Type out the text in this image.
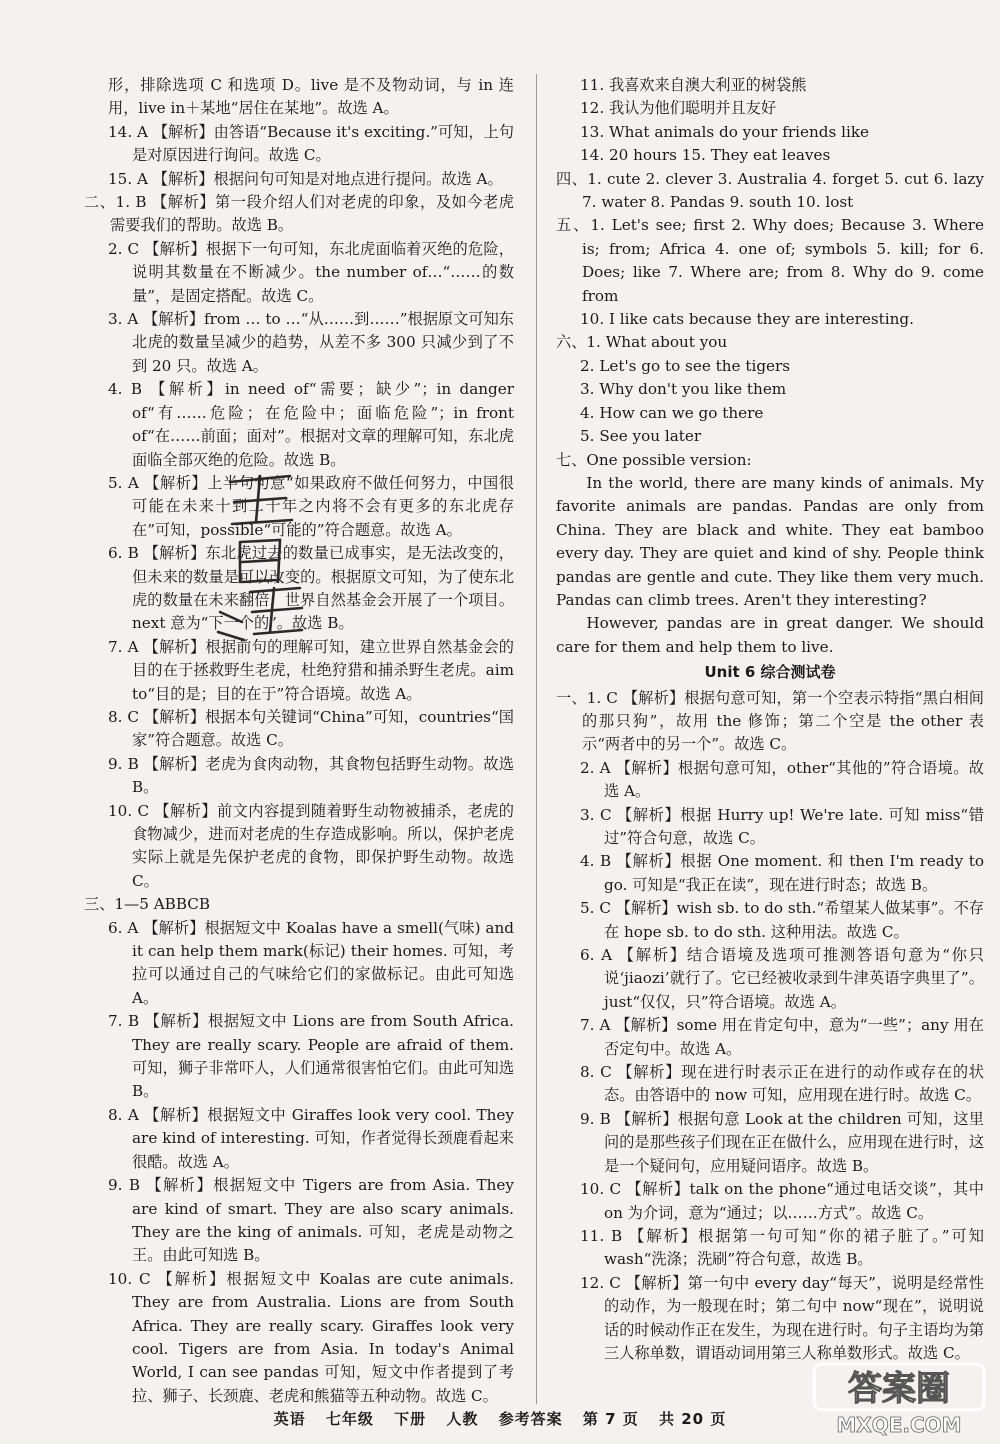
形，排除选项 C 和选项 D。live 是不及物动词，与 in 连用，live in＋某地“居住在某地”。故选 A。

14. A 【解析】由答语“Because it's exciting.”可知，上句是对原因进行询问。故选 C。

15. A 【解析】根据问句可知是对地点进行提问。故选 A。

二、1. B 【解析】第一段介绍人们对老虎的印象，及如今老虎需要我们的帮助。故选 B。

2. C 【解析】根据下一句可知，东北虎面临着灭绝的危险，说明其数量在不断减少。the number of…“……的数量”，是固定搭配。故选 C。

3. A 【解析】from … to …“从……到……”根据原文可知东北虎的数量呈减少的趋势，从差不多 300 只减少到了不到 20 只。故选 A。

4. B 【解析】in need of“需要；缺少”；in danger of“有……危险；在危险中；面临危险”；in front of“在……前面；面对”。根据对文章的理解可知，东北虎面临全部灭绝的危险。故选 B。

5. A 【解析】上半句句意“如果政府不做任何努力，中国很可能在未来十到二十年之内将不会有更多的东北虎存在”可知，possible“可能的”符合题意。故选 A。

6. B 【解析】东北虎过去的数量已成事实，是无法改变的，但未来的数量是可以改变的。根据原文可知，为了使东北虎的数量在未来翻倍，世界自然基金会开展了一个项目。next 意为“下一个的”。故选 B。

7. A 【解析】根据前句的理解可知，建立世界自然基金会的目的在于拯救野生老虎，杜绝狩猎和捕杀野生老虎。aim to“目的是；目的在于”符合语境。故选 A。

8. C 【解析】根据本句关键词“China”可知，countries“国家”符合题意。故选 C。

9. B 【解析】老虎为食肉动物，其食物包括野生动物。故选 B。

10. C 【解析】前文内容提到随着野生动物被捕杀，老虎的食物减少，进而对老虎的生存造成影响。所以，保护老虎实际上就是先保护老虎的食物，即保护野生动物。故选 C。

三、1—5 ABBCB

6. A 【解析】根据短文中 Koalas have a smell(气味) and it can help them mark(标记) their homes. 可知，考拉可以通过自己的气味给它们的家做标记。由此可知选 A。

7. B 【解析】根据短文中 Lions are from South Africa. They are really scary. People are afraid of them. 可知，狮子非常吓人，人们通常很害怕它们。由此可知选 B。

8. A 【解析】根据短文中 Giraffes look very cool. They are kind of interesting. 可知，作者觉得长颈鹿看起来很酷。故选 A。

9. B 【解析】根据短文中 Tigers are from Asia. They are kind of smart. They are also scary animals. They are the king of animals. 可知，老虎是动物之王。由此可知选 B。

10. C 【解析】根据短文中 Koalas are cute animals. They are from Australia. Lions are from South Africa. They are really scary. Giraffes look very cool. Tigers are from Asia. In today's Animal World, I can see pandas 可知，短文中作者提到了考拉、狮子、长颈鹿、老虎和熊猫等五种动物。故选 C。

11. 我喜欢来自澳大利亚的树袋熊

12. 我认为他们聪明并且友好

13. What animals do your friends like

14. 20 hours 15. They eat leaves

四、1. cute 2. clever 3. Australia 4. forget 5. cut 6. lazy 7. water 8. Pandas 9. south 10. lost

五、1. Let's see; first 2. Why does; Because 3. Where is; from; Africa 4. one of; symbols 5. kill; for 6. Does; like 7. Where are; from 8. Why do 9. come from

10. I like cats because they are interesting.

六、1. What about you

2. Let's go to see the tigers

3. Why don't you like them

4. How can we go there

5. See you later

七、One possible version:

In the world, there are many kinds of animals. My favorite animals are pandas. Pandas are only from China. They are black and white. They eat bamboo every day. They are quiet and kind of shy. People think pandas are gentle and cute. They like them very much. Pandas can climb trees. Aren't they interesting?

However, pandas are in great danger. We should care for them and help them to live.

Unit 6 综合测试卷

一、1. C 【解析】根据句意可知，第一个空表示特指“黑白相间的那只狗”，故用 the 修饰；第二个空是 the other 表示“两者中的另一个”。故选 C。

2. A 【解析】根据句意可知，other“其他的”符合语境。故选 A。

3. C 【解析】根据 Hurry up! We're late. 可知 miss“错过”符合句意，故选 C。

4. B 【解析】根据 One moment. 和 then I'm ready to go. 可知是“我正在读”，现在进行时态；故选 B。

5. C 【解析】wish sb. to do sth.“希望某人做某事”。不存在 hope sb. to do sth. 这种用法。故选 C。

6. A 【解析】结合语境及选项可推测答语句意为“你只说‘jiaozi’就行了。它已经被收录到牛津英语字典里了”。just“仅仅，只”符合语境。故选 A。

7. A 【解析】some 用在肯定句中，意为“一些”；any 用在否定句中。故选 A。

8. C 【解析】现在进行时表示正在进行的动作或存在的状态。由答语中的 now 可知，应用现在进行时。故选 C。

9. B 【解析】根据句意 Look at the children 可知，这里问的是那些孩子们现在正在做什么，应用现在进行时，这是一个疑问句，应用疑问语序。故选 B。

10. C 【解析】talk on the phone“通过电话交谈”，其中 on 为介词，意为“通过；以……方式”。故选 C。

11. B 【解析】根据第一句可知“你的裙子脏了。”可知 wash“洗涤；洗刷”符合句意，故选 B。

12. C 【解析】第一句中 every day“每天”，说明是经常性的动作，为一般现在时；第二句中 now“现在”，说明说话的时候动作正在发生，为现在进行时。句子主语均为第三人称单数，谓语动词用第三人称单数形式。故选 C。

答案圈
MXQE.COM
英语 七年级 下册 人教 参考答案 第 7 页 共 20 页
